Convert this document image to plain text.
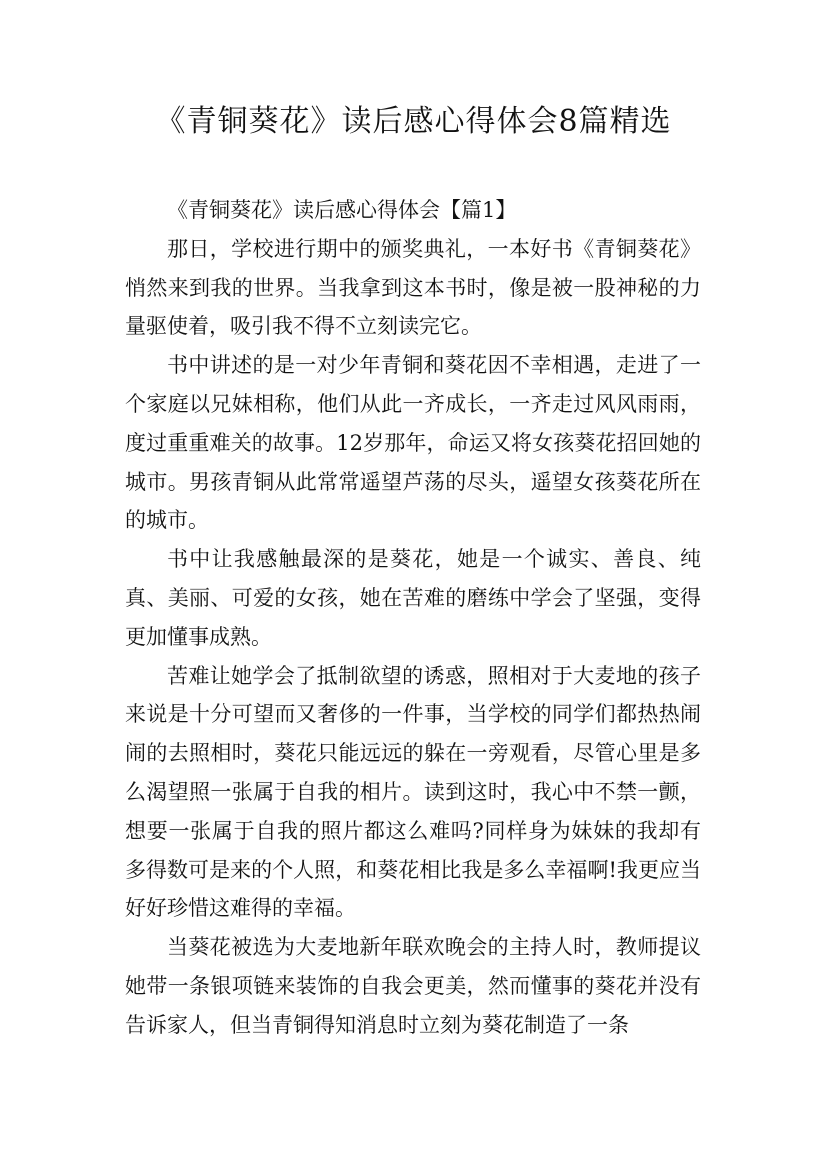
《青铜葵花》读后感心得体会8篇精选

《青铜葵花》读后感心得体会【篇1】

那日，学校进行期中的颁奖典礼，一本好书《青铜葵花》悄然来到我的世界。当我拿到这本书时，像是被一股神秘的力量驱使着，吸引我不得不立刻读完它。

书中讲述的是一对少年青铜和葵花因不幸相遇，走进了一个家庭以兄妹相称，他们从此一齐成长，一齐走过风风雨雨，度过重重难关的故事。12岁那年，命运又将女孩葵花招回她的城市。男孩青铜从此常常遥望芦荡的尽头，遥望女孩葵花所在的城市。

书中让我感触最深的是葵花，她是一个诚实、善良、纯真、美丽、可爱的女孩，她在苦难的磨练中学会了坚强，变得更加懂事成熟。

苦难让她学会了抵制欲望的诱惑，照相对于大麦地的孩子来说是十分可望而又奢侈的一件事，当学校的同学们都热热闹闹的去照相时，葵花只能远远的躲在一旁观看，尽管心里是多么渴望照一张属于自我的相片。读到这时，我心中不禁一颤，想要一张属于自我的照片都这么难吗?同样身为妹妹的我却有多得数可是来的个人照，和葵花相比我是多么幸福啊!我更应当好好珍惜这难得的幸福。

当葵花被选为大麦地新年联欢晚会的主持人时，教师提议她带一条银项链来装饰的自我会更美，然而懂事的葵花并没有告诉家人，但当青铜得知消息时立刻为葵花制造了一条
